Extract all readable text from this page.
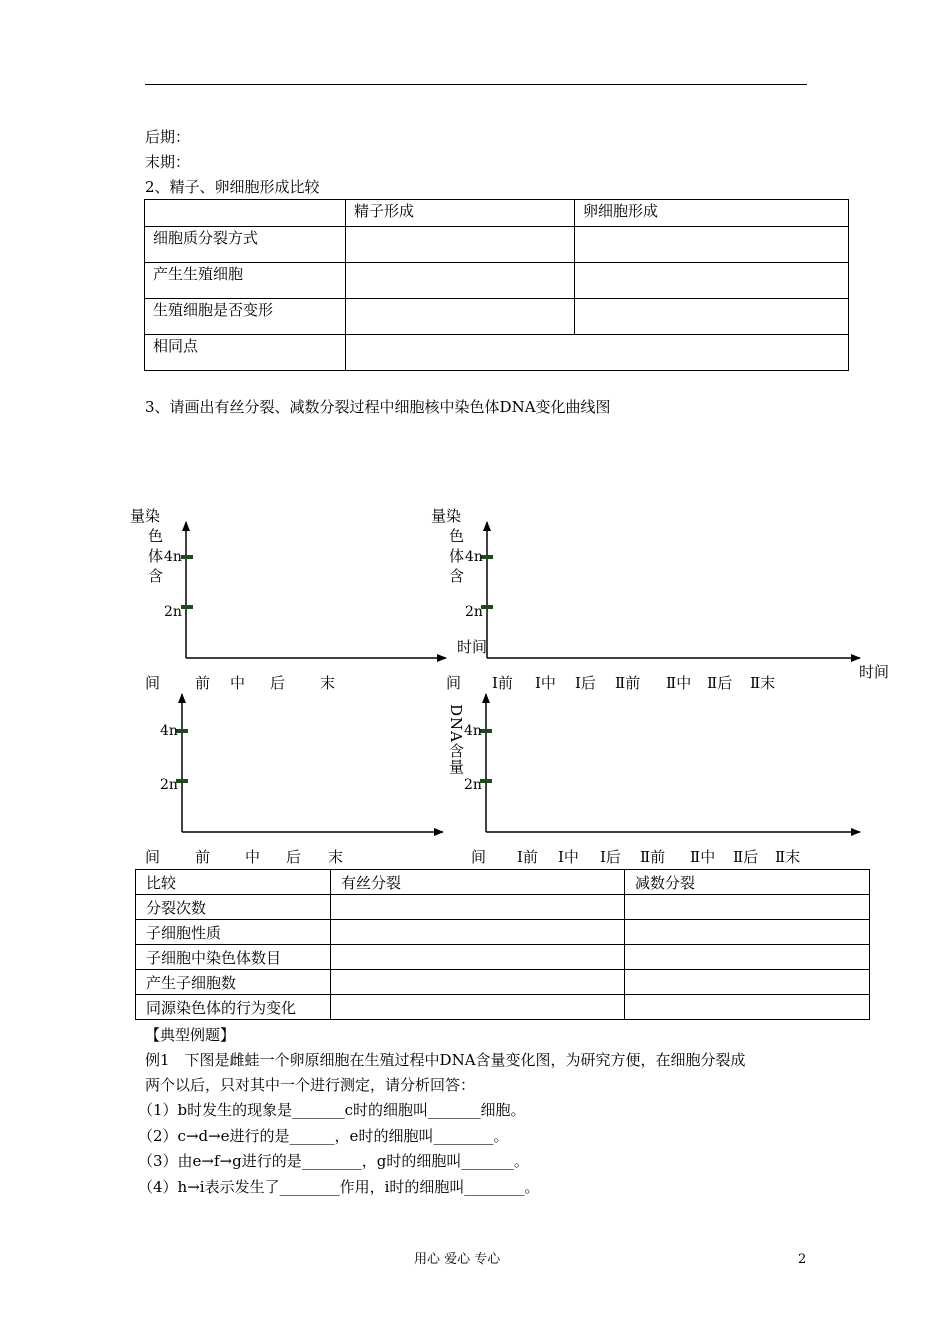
后期：
末期：
2、精子、卵细胞形成比较
	精子形成	卵细胞形成
细胞质分裂方式		
产生生殖细胞		
生殖细胞是否变形		
相同点		
3、请画出有丝分裂、减数分裂过程中细胞核中染色体DNA变化曲线图
量染
色
体
含
4n
2n
间 前 中 后 末
量染
色
体
含
4n
2n
时间
时间
间 Ⅰ前 Ⅰ中 Ⅰ后 Ⅱ前 Ⅱ中 Ⅱ后 Ⅱ末
4n
2n
间 前 中 后 末
DNA含量 4n
2n
间 Ⅰ前 Ⅰ中 Ⅰ后 Ⅱ前 Ⅱ中 Ⅱ后 Ⅱ末
比较	有丝分裂	减数分裂
分裂次数		
子细胞性质		
子细胞中染色体数目		
产生子细胞数		
同源染色体的行为变化		
【典型例题】
例1　下图是雌蛙一个卵原细胞在生殖过程中DNA含量变化图，为研究方便，在细胞分裂成
两个以后，只对其中一个进行测定，请分析回答：
（1）b时发生的现象是_______c时的细胞叫_______细胞。
（2）c→d→e进行的是______，e时的细胞叫________。
（3）由e→f→g进行的是________，g时的细胞叫_______。
（4）h→i表示发生了________作用，i时的细胞叫________。
用心 爱心 专心	2
